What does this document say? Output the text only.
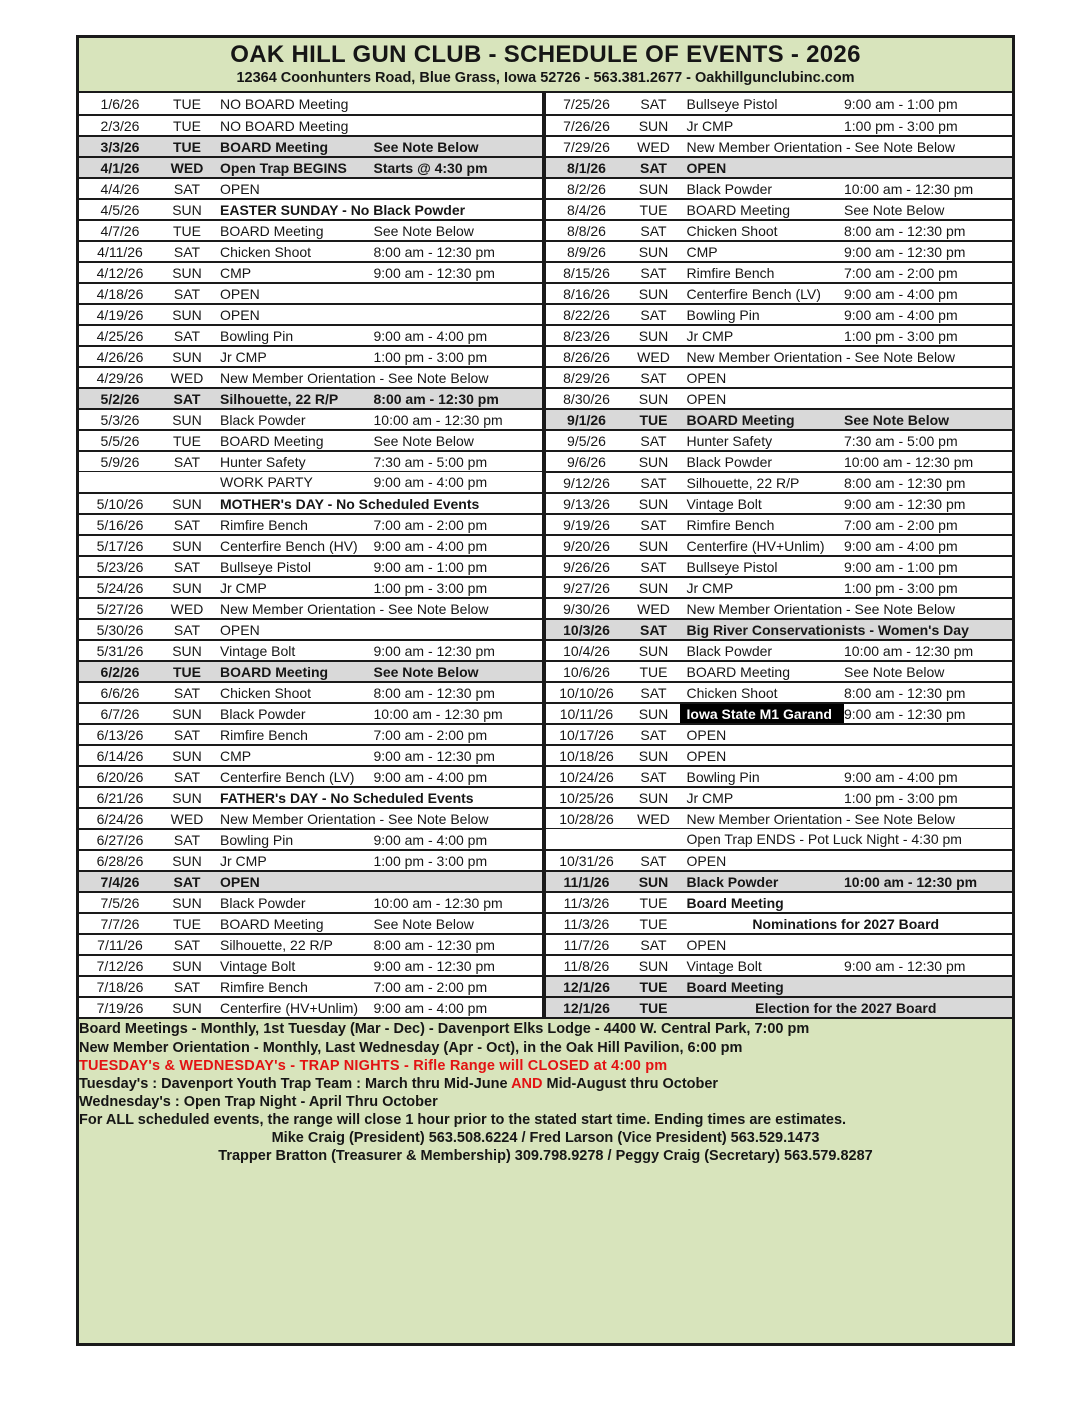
OAK HILL GUN CLUB - SCHEDULE OF EVENTS - 2026
12364 Coonhunters Road, Blue Grass, Iowa 52726 - 563.381.2677 - Oakhillgunclubinc.com
1/6/26	TUE	NO BOARD Meeting
2/3/26	TUE	NO BOARD Meeting
3/3/26	TUE	BOARD Meeting	See Note Below
4/1/26	WED	Open Trap BEGINS	Starts @ 4:30 pm
4/4/26	SAT	OPEN
4/5/26	SUN	EASTER SUNDAY - No Black Powder
4/7/26	TUE	BOARD Meeting	See Note Below
4/11/26	SAT	Chicken Shoot	8:00 am - 12:30 pm
4/12/26	SUN	CMP	9:00 am - 12:30 pm
4/18/26	SAT	OPEN
4/19/26	SUN	OPEN
4/25/26	SAT	Bowling Pin	9:00 am - 4:00 pm
4/26/26	SUN	Jr CMP	1:00 pm - 3:00 pm
4/29/26	WED	New Member Orientation - See Note Below
5/2/26	SAT	Silhouette, 22 R/P	8:00 am - 12:30 pm
5/3/26	SUN	Black Powder	10:00 am - 12:30 pm
5/5/26	TUE	BOARD Meeting	See Note Below
5/9/26	SAT	Hunter Safety	7:30 am - 5:00 pm
WORK PARTY	9:00 am - 4:00 pm
5/10/26	SUN	MOTHER's DAY - No Scheduled Events
5/16/26	SAT	Rimfire Bench	7:00 am - 2:00 pm
5/17/26	SUN	Centerfire Bench (HV)	9:00 am - 4:00 pm
5/23/26	SAT	Bullseye Pistol	9:00 am - 1:00 pm
5/24/26	SUN	Jr CMP	1:00 pm - 3:00 pm
5/27/26	WED	New Member Orientation - See Note Below
5/30/26	SAT	OPEN
5/31/26	SUN	Vintage Bolt	9:00 am - 12:30 pm
6/2/26	TUE	BOARD Meeting	See Note Below
6/6/26	SAT	Chicken Shoot	8:00 am - 12:30 pm
6/7/26	SUN	Black Powder	10:00 am - 12:30 pm
6/13/26	SAT	Rimfire Bench	7:00 am - 2:00 pm
6/14/26	SUN	CMP	9:00 am - 12:30 pm
6/20/26	SAT	Centerfire Bench (LV)	9:00 am - 4:00 pm
6/21/26	SUN	FATHER's DAY - No Scheduled Events
6/24/26	WED	New Member Orientation - See Note Below
6/27/26	SAT	Bowling Pin	9:00 am - 4:00 pm
6/28/26	SUN	Jr CMP	1:00 pm - 3:00 pm
7/4/26	SAT	OPEN
7/5/26	SUN	Black Powder	10:00 am - 12:30 pm
7/7/26	TUE	BOARD Meeting	See Note Below
7/11/26	SAT	Silhouette, 22 R/P	8:00 am - 12:30 pm
7/12/26	SUN	Vintage Bolt	9:00 am - 12:30 pm
7/18/26	SAT	Rimfire Bench	7:00 am - 2:00 pm
7/19/26	SUN	Centerfire (HV+Unlim)	9:00 am - 4:00 pm
7/25/26	SAT	Bullseye Pistol	9:00 am - 1:00 pm
7/26/26	SUN	Jr CMP	1:00 pm - 3:00 pm
7/29/26	WED	New Member Orientation - See Note Below
8/1/26	SAT	OPEN
8/2/26	SUN	Black Powder	10:00 am - 12:30 pm
8/4/26	TUE	BOARD Meeting	See Note Below
8/8/26	SAT	Chicken Shoot	8:00 am - 12:30 pm
8/9/26	SUN	CMP	9:00 am - 12:30 pm
8/15/26	SAT	Rimfire Bench	7:00 am - 2:00 pm
8/16/26	SUN	Centerfire Bench (LV)	9:00 am - 4:00 pm
8/22/26	SAT	Bowling Pin	9:00 am - 4:00 pm
8/23/26	SUN	Jr CMP	1:00 pm - 3:00 pm
8/26/26	WED	New Member Orientation - See Note Below
8/29/26	SAT	OPEN
8/30/26	SUN	OPEN
9/1/26	TUE	BOARD Meeting	See Note Below
9/5/26	SAT	Hunter Safety	7:30 am - 5:00 pm
9/6/26	SUN	Black Powder	10:00 am - 12:30 pm
9/12/26	SAT	Silhouette, 22 R/P	8:00 am - 12:30 pm
9/13/26	SUN	Vintage Bolt	9:00 am - 12:30 pm
9/19/26	SAT	Rimfire Bench	7:00 am - 2:00 pm
9/20/26	SUN	Centerfire (HV+Unlim)	9:00 am - 4:00 pm
9/26/26	SAT	Bullseye Pistol	9:00 am - 1:00 pm
9/27/26	SUN	Jr CMP	1:00 pm - 3:00 pm
9/30/26	WED	New Member Orientation - See Note Below
10/3/26	SAT	Big River Conservationists - Women's Day
10/4/26	SUN	Black Powder	10:00 am - 12:30 pm
10/6/26	TUE	BOARD Meeting	See Note Below
10/10/26	SAT	Chicken Shoot	8:00 am - 12:30 pm
10/11/26	SUN	Iowa State M1 Garand 9:00 am - 12:30 pm
10/17/26	SAT	OPEN
10/18/26	SUN	OPEN
10/24/26	SAT	Bowling Pin	9:00 am - 4:00 pm
10/25/26	SUN	Jr CMP	1:00 pm - 3:00 pm
10/28/26	WED	New Member Orientation - See Note Below
Open Trap ENDS - Pot Luck Night - 4:30 pm
10/31/26	SAT	OPEN
11/1/26	SUN	Black Powder	10:00 am - 12:30 pm
11/3/26	TUE	Board Meeting
11/3/26	TUE	Nominations for 2027 Board
11/7/26	SAT	OPEN
11/8/26	SUN	Vintage Bolt	9:00 am - 12:30 pm
12/1/26	TUE	Board Meeting
12/1/26	TUE	Election for the 2027 Board

Board Meetings - Monthly, 1st Tuesday (Mar - Dec) - Davenport Elks Lodge - 4400 W. Central Park, 7:00 pm

New Member Orientation - Monthly, Last Wednesday (Apr - Oct), in the Oak Hill Pavilion, 6:00 pm

TUESDAY's & WEDNESDAY's - TRAP NIGHTS - Rifle Range will CLOSED at 4:00 pm

Tuesday's : Davenport Youth Trap Team : March thru Mid-June AND Mid-August thru October

Wednesday's : Open Trap Night - April Thru October

For ALL scheduled events, the range will close 1 hour prior to the stated start time. Ending times are estimates.

Mike Craig (President) 563.508.6224 / Fred Larson (Vice President) 563.529.1473

Trapper Bratton (Treasurer & Membership) 309.798.9278 / Peggy Craig (Secretary) 563.579.8287
